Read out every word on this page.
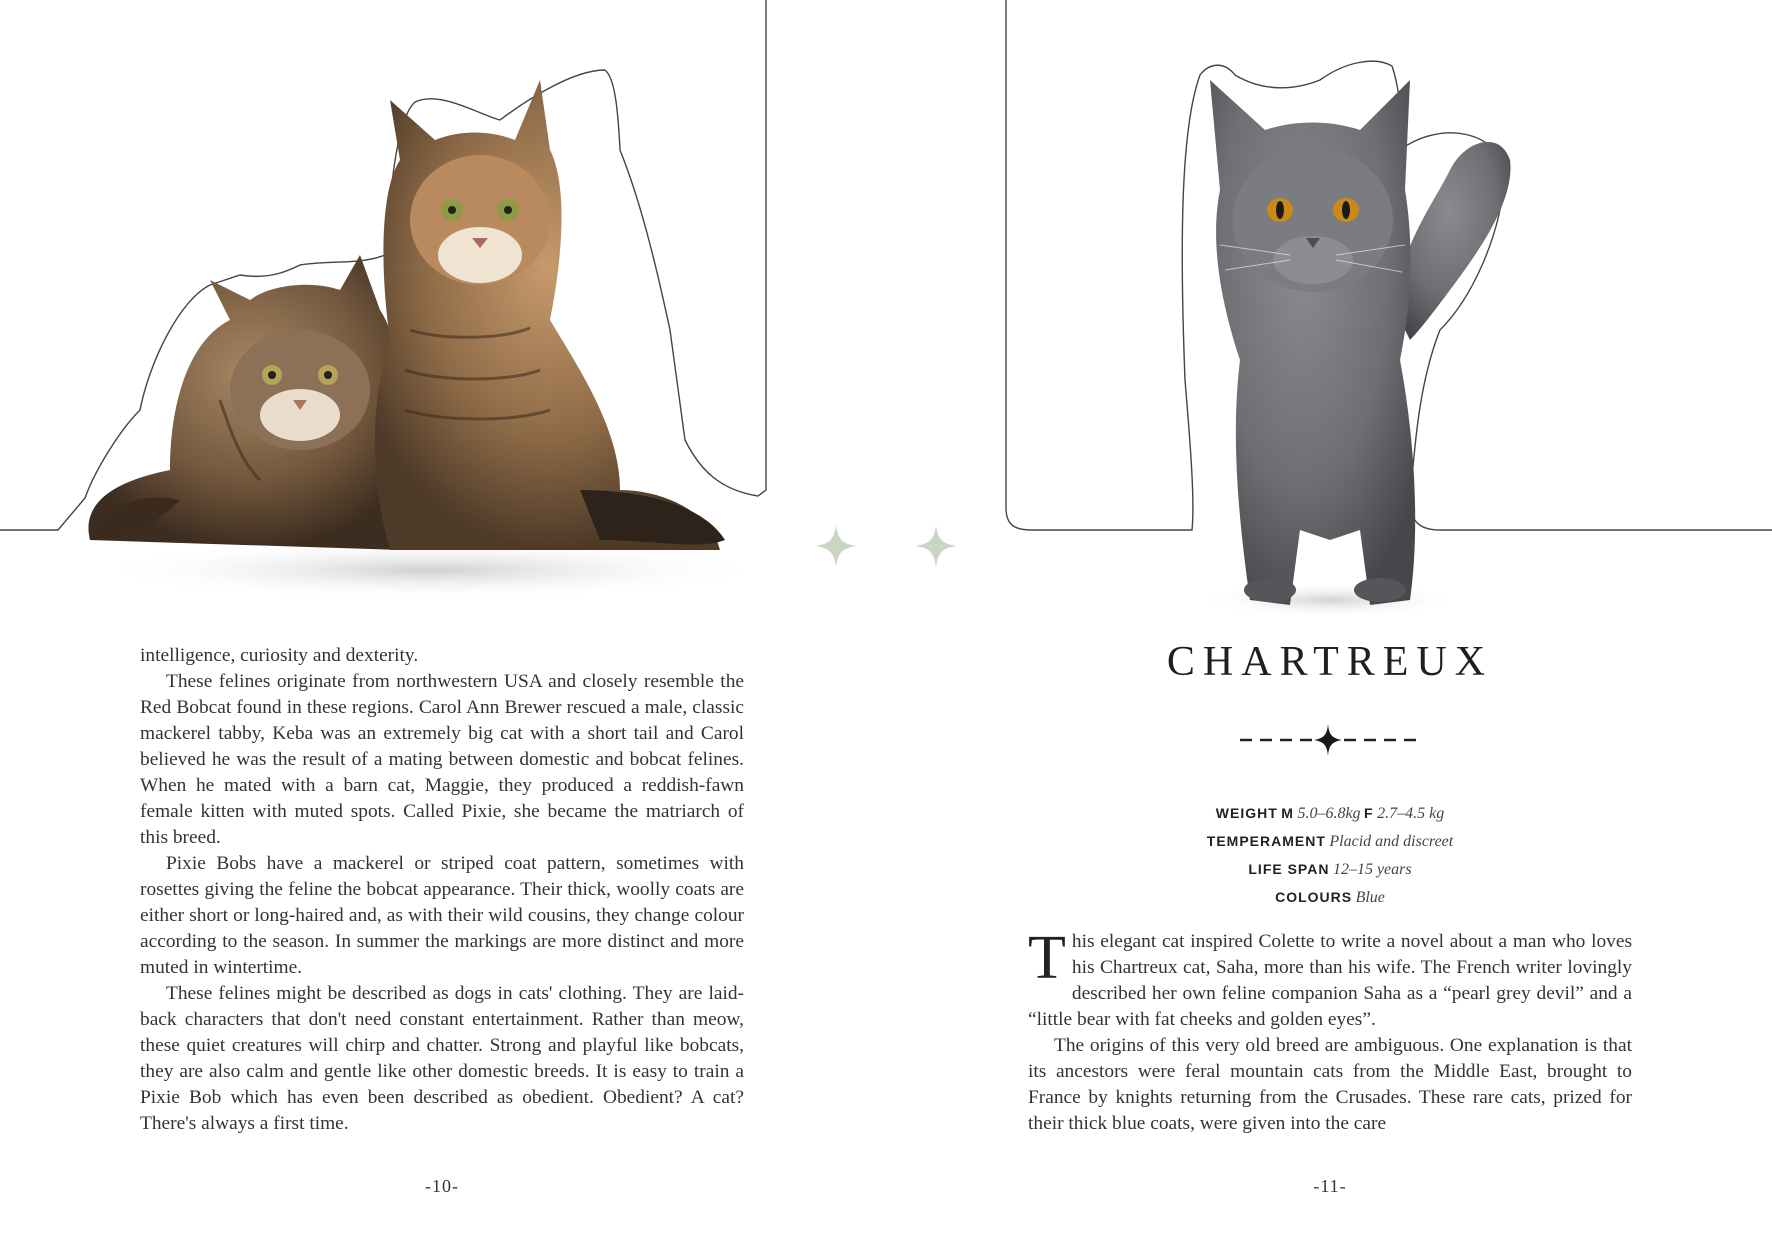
intelligence, curiosity and dexterity.

These felines originate from northwestern USA and closely resemble the Red Bobcat found in these regions. Carol Ann Brewer rescued a male, classic mackerel tabby, Keba was an extremely big cat with a short tail and Carol believed he was the result of a mating between domestic and bobcat felines. When he mated with a barn cat, Maggie, they produced a reddish-fawn female kitten with muted spots. Called Pixie, she became the matriarch of this breed.

Pixie Bobs have a mackerel or striped coat pattern, sometimes with rosettes giving the feline the bobcat appearance. Their thick, woolly coats are either short or long-haired and, as with their wild cousins, they change colour according to the season. In summer the markings are more distinct and more muted in wintertime.

These felines might be described as dogs in cats' clothing. They are laid-back characters that don't need constant entertainment. Rather than meow, these quiet creatures will chirp and chatter. Strong and playful like bobcats, they are also calm and gentle like other domestic breeds. It is easy to train a Pixie Bob which has even been described as obedient. Obedient? A cat? There's always a first time.

-10-
CHARTREUX
WEIGHT M 5.0–6.8kg F 2.7–4.5 kg
TEMPERAMENT Placid and discreet
LIFE SPAN 12–15 years
COLOURS Blue

This elegant cat inspired Colette to write a novel about a man who loves his Chartreux cat, Saha, more than his wife. The French writer lovingly described her own feline companion Saha as a “pearl grey devil” and a “little bear with fat cheeks and golden eyes”.

The origins of this very old breed are ambiguous. One explanation is that its ancestors were feral mountain cats from the Middle East, brought to France by knights returning from the Crusades. These rare cats, prized for their thick blue coats, were given into the care

-11-
